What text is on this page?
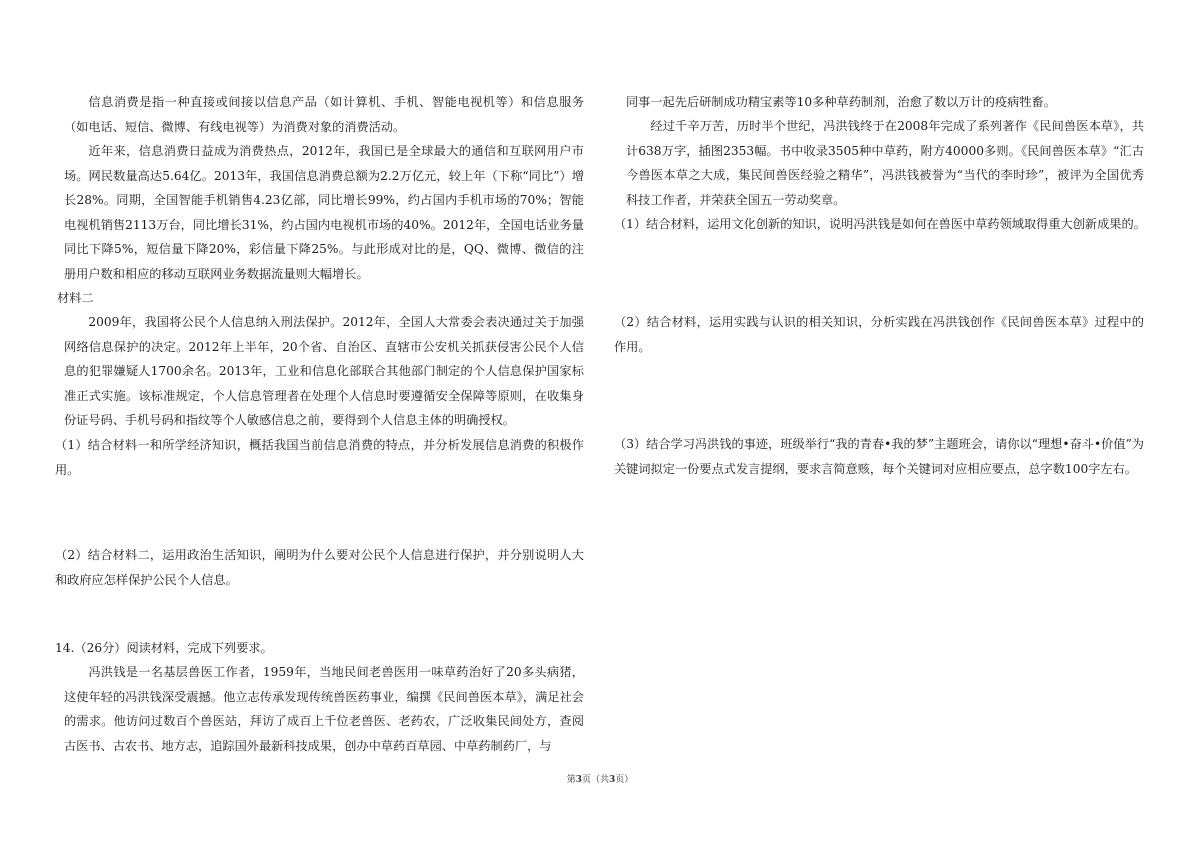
信息消费是指一种直接或间接以信息产品（如计算机、手机、智能电视机等）和信息服务（如电话、短信、微博、有线电视等）为消费对象的消费活动。

近年来，信息消费日益成为消费热点，2012年，我国已是全球最大的通信和互联网用户市场。网民数量高达5.64亿。2013年，我国信息消费总额为2.2万亿元，较上年（下称“同比”）增长28%。同期，全国智能手机销售4.23亿部，同比增长99%，约占国内手机市场的70%；智能电视机销售2113万台，同比增长31%，约占国内电视机市场的40%。2012年，全国电话业务量同比下降5%，短信量下降20%，彩信量下降25%。与此形成对比的是，QQ、微博、微信的注册用户数和相应的移动互联网业务数据流量则大幅增长。

材料二

2009年，我国将公民个人信息纳入刑法保护。2012年，全国人大常委会表决通过关于加强网络信息保护的决定。2012年上半年，20个省、自治区、直辖市公安机关抓获侵害公民个人信息的犯罪嫌疑人1700余名。2013年，工业和信息化部联合其他部门制定的个人信息保护国家标准正式实施。该标准规定，个人信息管理者在处理个人信息时要遵循安全保障等原则，在收集身份证号码、手机号码和指纹等个人敏感信息之前，要得到个人信息主体的明确授权。

（1）结合材料一和所学经济知识，概括我国当前信息消费的特点，并分析发展信息消费的积极作用。

（2）结合材料二，运用政治生活知识，阐明为什么要对公民个人信息进行保护，并分别说明人大和政府应怎样保护公民个人信息。

14.（26分）阅读材料，完成下列要求。

冯洪钱是一名基层兽医工作者，1959年，当地民间老兽医用一味草药治好了20多头病猪，这使年轻的冯洪钱深受震撼。他立志传承发现传统兽医药事业，编撰《民间兽医本草》，满足社会的需求。他访问过数百个兽医站，拜访了成百上千位老兽医、老药农，广泛收集民间处方，查阅古医书、古农书、地方志，追踪国外最新科技成果，创办中草药百草园、中草药制药厂，与

同事一起先后研制成功精宝素等10多种草药制剂，治愈了数以万计的疫病牲畜。

经过千辛万苦，历时半个世纪，冯洪钱终于在2008年完成了系列著作《民间兽医本草》，共计638万字，插图2353幅。书中收录3505种中草药，附方40000多则。《民间兽医本草》“汇古今兽医本草之大成，集民间兽医经验之精华”，冯洪钱被誉为“当代的李时珍”，被评为全国优秀科技工作者，并荣获全国五一劳动奖章。

（1）结合材料，运用文化创新的知识，说明冯洪钱是如何在兽医中草药领域取得重大创新成果的。

（2）结合材料，运用实践与认识的相关知识，分析实践在冯洪钱创作《民间兽医本草》过程中的作用。

（3）结合学习冯洪钱的事迹，班级举行“我的青春•我的梦”主题班会，请你以“理想•奋斗•价值”为关键词拟定一份要点式发言提纲，要求言简意赅，每个关键词对应相应要点，总字数100字左右。

第3页（共3页）
